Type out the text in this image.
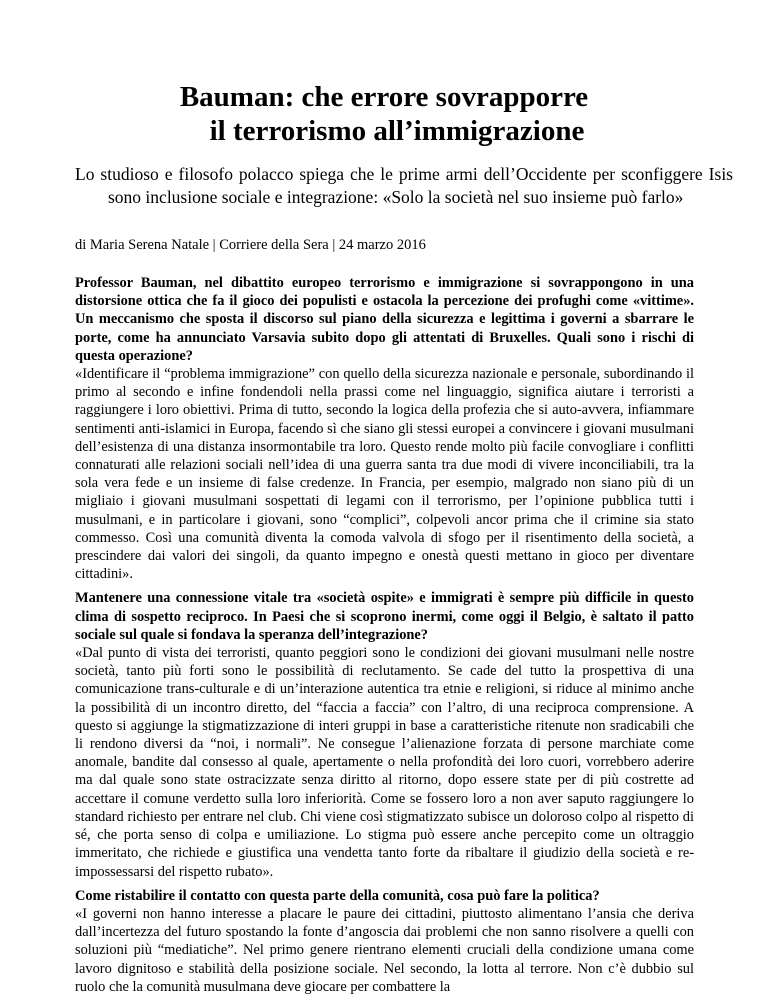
Bauman: che errore sovrapporre
il terrorismo all’immigrazione
Lo studioso e filosofo polacco spiega che le prime armi dell’Occidente per sconfiggere Isis sono inclusione sociale e integrazione: «Solo la società nel suo insieme può farlo»
di Maria Serena Natale | Corriere della Sera | 24 marzo 2016

Professor Bauman, nel dibattito europeo terrorismo e immigrazione si sovrappongono in una distorsione ottica che fa il gioco dei populisti e ostacola la percezione dei profughi come «vittime». Un meccanismo che sposta il discorso sul piano della sicurezza e legittima i governi a sbarrare le porte, come ha annunciato Varsavia subito dopo gli attentati di Bruxelles. Quali sono i rischi di questa operazione?

«Identificare il “problema immigrazione” con quello della sicurezza nazionale e personale, subordinando il primo al secondo e infine fondendoli nella prassi come nel linguaggio, significa aiutare i terroristi a raggiungere i loro obiettivi. Prima di tutto, secondo la logica della profezia che si auto-avvera, infiammare sentimenti anti-islamici in Europa, facendo sì che siano gli stessi europei a convincere i giovani musulmani dell’esistenza di una distanza insormontabile tra loro. Questo rende molto più facile convogliare i conflitti connaturati alle relazioni sociali nell’idea di una guerra santa tra due modi di vivere inconciliabili, tra la sola vera fede e un insieme di false credenze. In Francia, per esempio, malgrado non siano più di un migliaio i giovani musulmani sospettati di legami con il terrorismo, per l’opinione pubblica tutti i musulmani, e in particolare i giovani, sono “complici”, colpevoli ancor prima che il crimine sia stato commesso. Così una comunità diventa la comoda valvola di sfogo per il risentimento della società, a prescindere dai valori dei singoli, da quanto impegno e onestà questi mettano in gioco per diventare cittadini».

Mantenere una connessione vitale tra «società ospite» e immigrati è sempre più difficile in questo clima di sospetto reciproco. In Paesi che si scoprono inermi, come oggi il Belgio, è saltato il patto sociale sul quale si fondava la speranza dell’integrazione?

«Dal punto di vista dei terroristi, quanto peggiori sono le condizioni dei giovani musulmani nelle nostre società, tanto più forti sono le possibilità di reclutamento. Se cade del tutto la prospettiva di una comunicazione trans-culturale e di un’interazione autentica tra etnie e religioni, si riduce al minimo anche la possibilità di un incontro diretto, del “faccia a faccia” con l’altro, di una reciproca comprensione. A questo si aggiunge la stigmatizzazione di interi gruppi in base a caratteristiche ritenute non sradicabili che li rendono diversi da “noi, i normali”. Ne consegue l’alienazione forzata di persone marchiate come anomale, bandite dal consesso al quale, apertamente o nella profondità dei loro cuori, vorrebbero aderire ma dal quale sono state ostracizzate senza diritto al ritorno, dopo essere state per di più costrette ad accettare il comune verdetto sulla loro inferiorità. Come se fossero loro a non aver saputo raggiungere lo standard richiesto per entrare nel club. Chi viene così stigmatizzato subisce un doloroso colpo al rispetto di sé, che porta senso di colpa e umiliazione. Lo stigma può essere anche percepito come un oltraggio immeritato, che richiede e giustifica una vendetta tanto forte da ribaltare il giudizio della società e re-impossessarsi del rispetto rubato».

Come ristabilire il contatto con questa parte della comunità, cosa può fare la politica?

«I governi non hanno interesse a placare le paure dei cittadini, piuttosto alimentano l’ansia che deriva dall’incertezza del futuro spostando la fonte d’angoscia dai problemi che non sanno risolvere a quelli con soluzioni più “mediatiche”. Nel primo genere rientrano elementi cruciali della condizione umana come lavoro dignitoso e stabilità della posizione sociale. Nel secondo, la lotta al terrore. Non c’è dubbio sul ruolo che la comunità musulmana deve giocare per combattere la
